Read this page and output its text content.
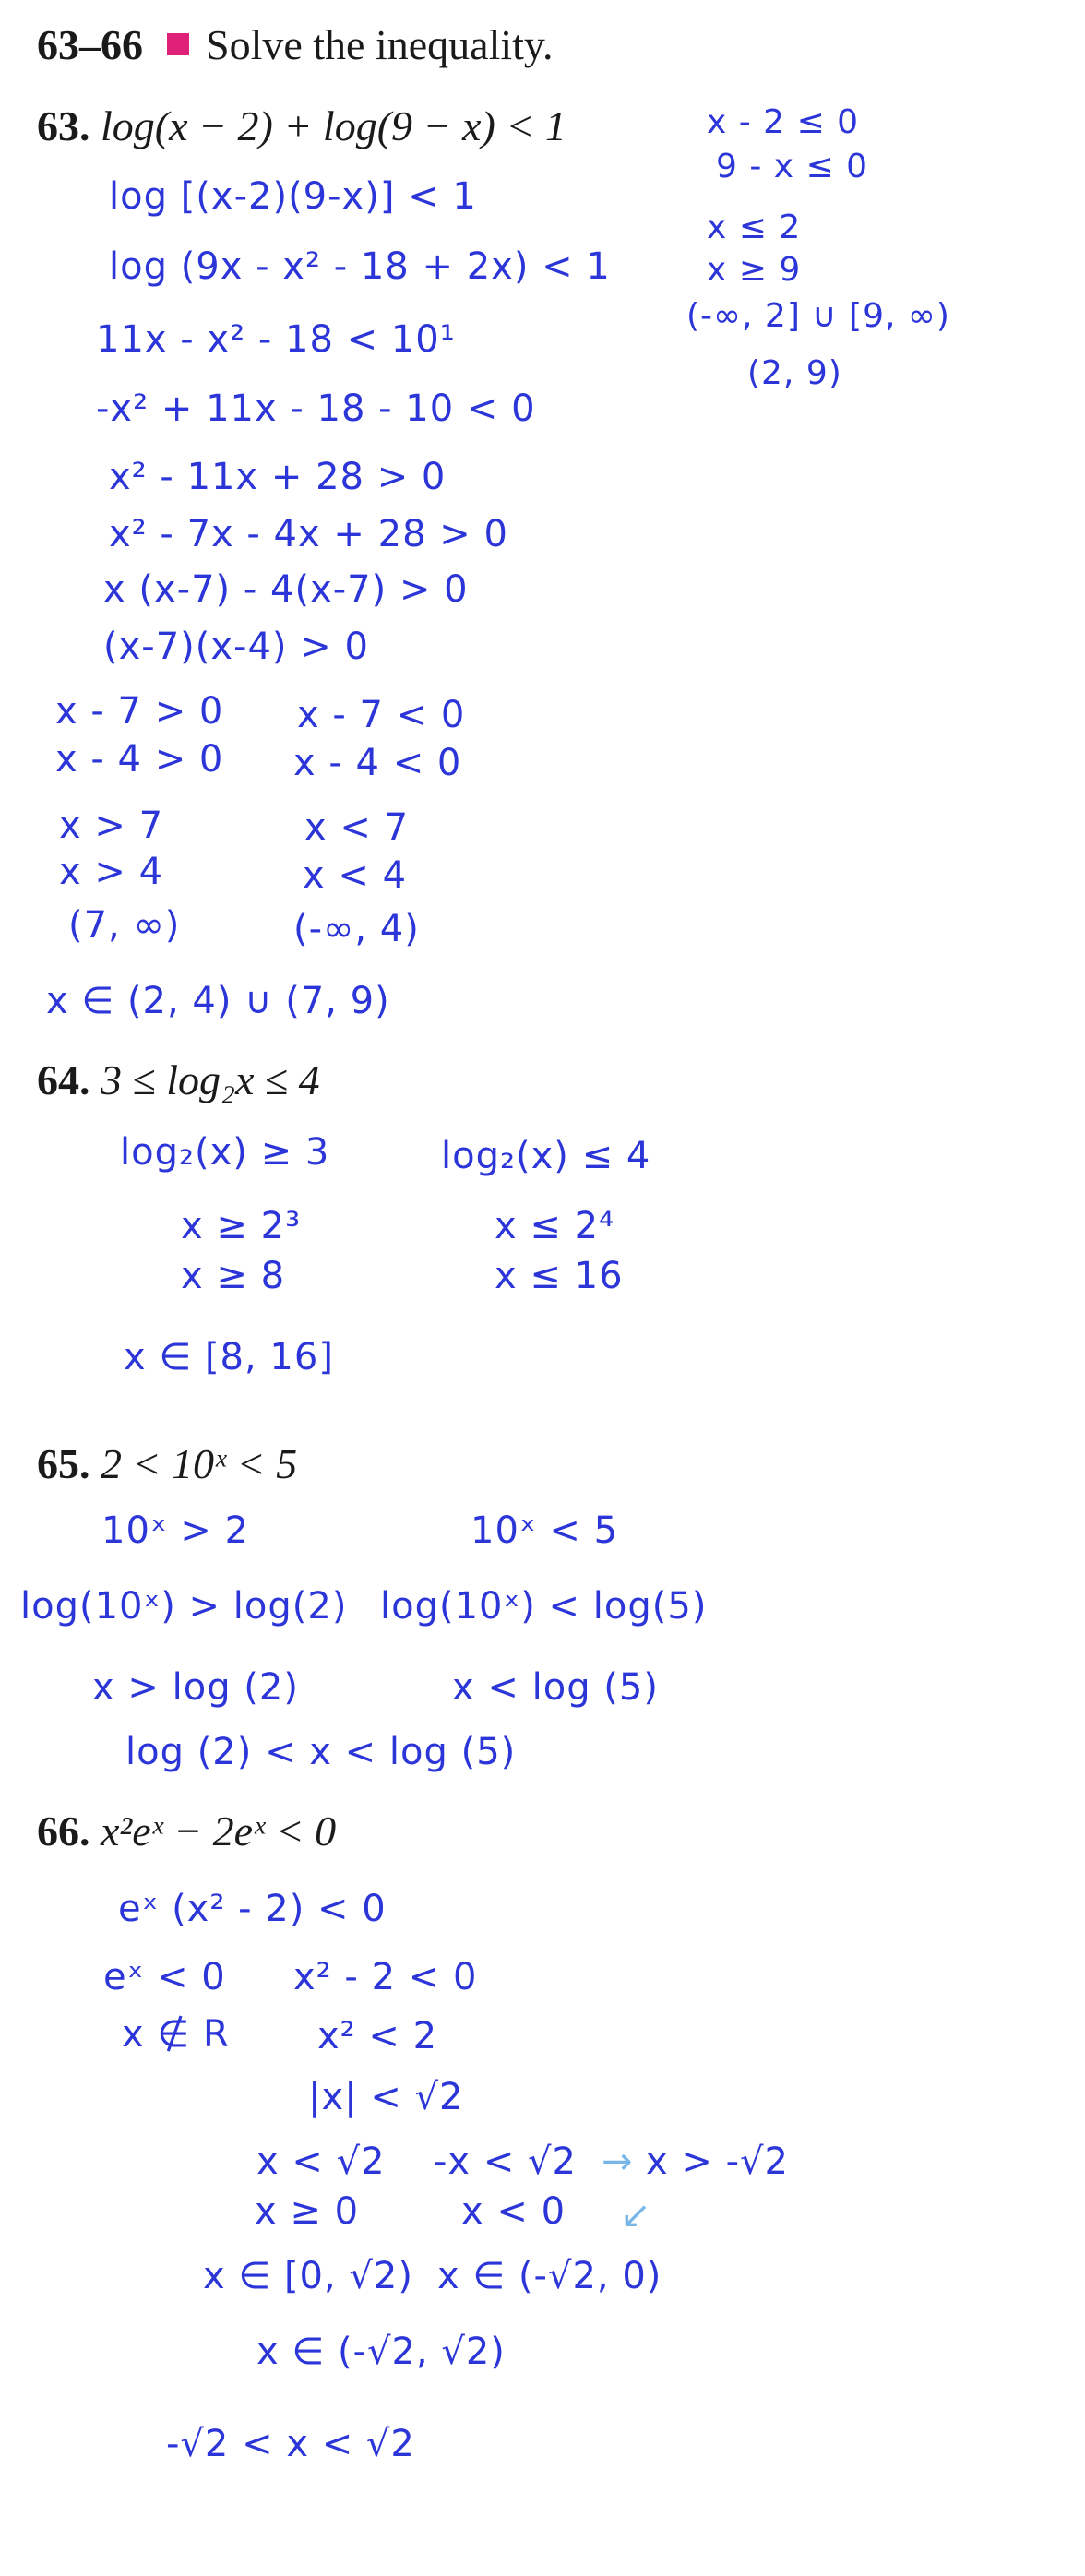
63–66 Solve the inequality.
63. log(x − 2) + log(9 − x) < 1
log [(x-2)(9-x)] < 1
log (9x - x² - 18 + 2x) < 1
11x - x² - 18 < 10¹
-x² + 11x - 18 - 10 < 0
x² - 11x + 28 > 0
x² - 7x - 4x + 28 > 0
x (x-7) - 4(x-7) > 0
(x-7)(x-4) > 0
x - 2 ≤ 0
9 - x ≤ 0
x ≤ 2
x ≥ 9
(-∞, 2] ∪ [9, ∞)
(2, 9)
x - 7 > 0
x - 4 > 0
x > 7
x > 4
(7, ∞)
x - 7 < 0
x - 4 < 0
x < 7
x < 4
(-∞, 4)
x ∈ (2, 4) ∪ (7, 9)
64. 3 ≤ log₂x ≤ 4
log₂(x) ≥ 3
x ≥ 2³
x ≥ 8
log₂(x) ≤ 4
x ≤ 2⁴
x ≤ 16
x ∈ [8, 16]
65. 2 < 10ˣ < 5
10ˣ > 2
log(10ˣ) > log(2)
x > log (2)
10ˣ < 5
log(10ˣ) < log(5)
x < log (5)
log (2) < x < log (5)
66. x²eˣ − 2eˣ < 0
eˣ (x² - 2) < 0
eˣ < 0
x ∉ R
x² - 2 < 0
x² < 2
|x| < √2
x < √2
x ≥ 0
x ∈ [0, √2)
-x < √2 → x > -√2
↙
x < 0
x ∈ (-√2, 0)
x ∈ (-√2, √2)
-√2 < x < √2
